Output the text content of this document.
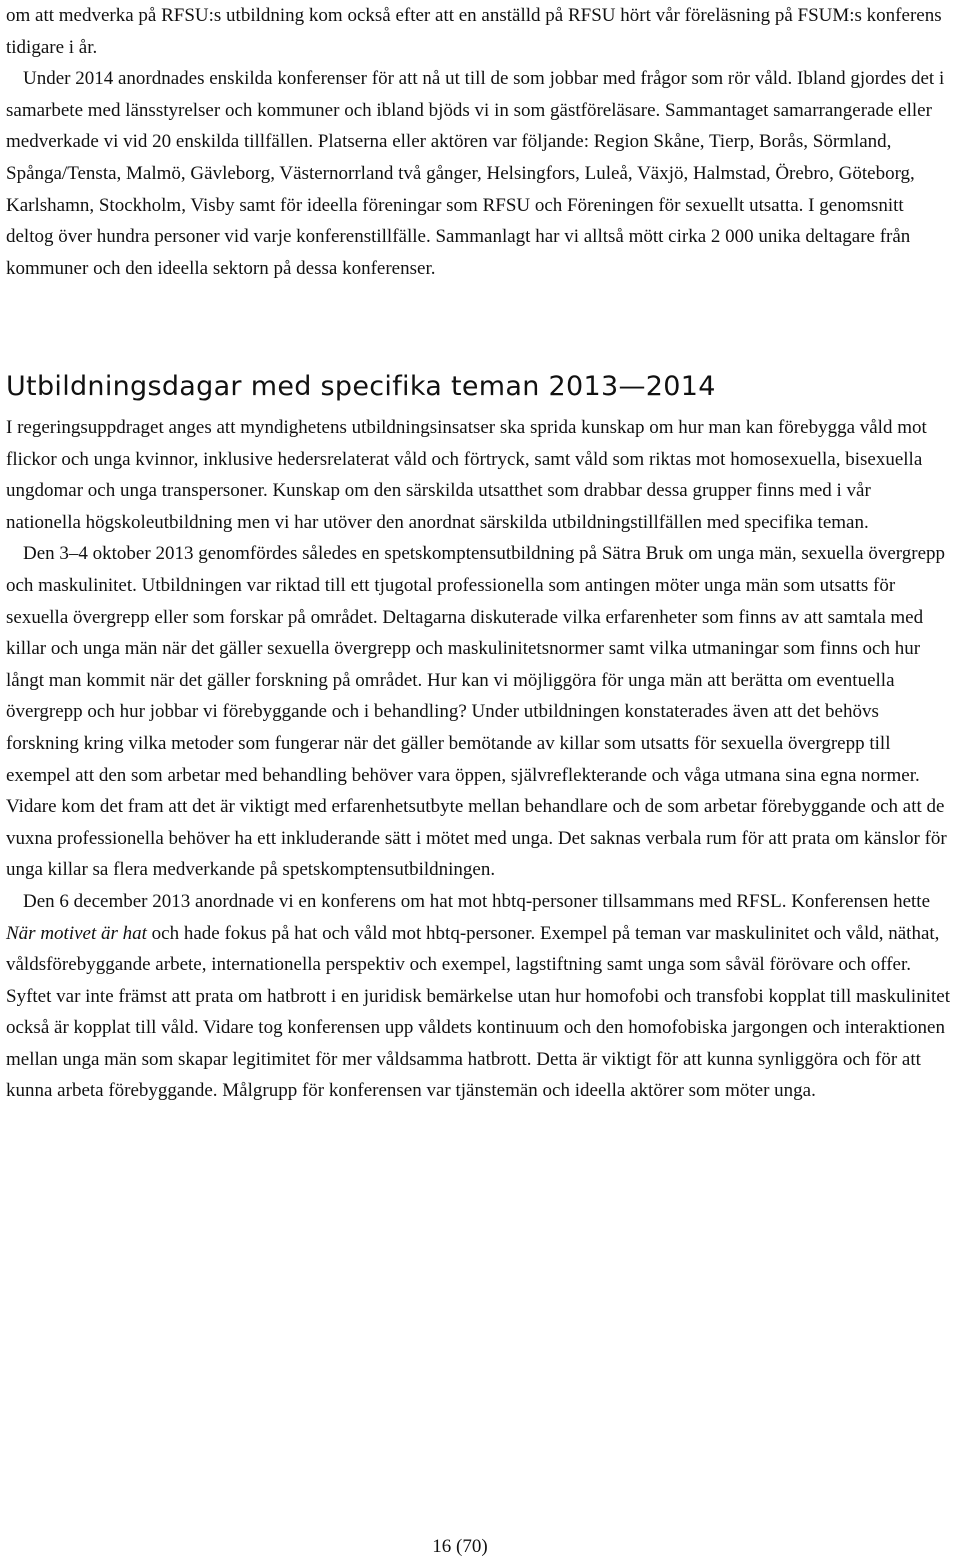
om att medverka på RFSU:s utbildning kom också efter att en anställd på RFSU hört vår föreläsning på FSUM:s konferens tidigare i år.

Under 2014 anordnades enskilda konferenser för att nå ut till de som jobbar med frågor som rör våld. Ibland gjordes det i samarbete med länsstyrelser och kommuner och ibland bjöds vi in som gästföreläsare. Sammantaget samarrangerade eller medverkade vi vid 20 enskilda tillfällen. Platserna eller aktören var följande: Region Skåne, Tierp, Borås, Sörmland, Spånga/Tensta, Malmö, Gävleborg, Västernorrland två gånger, Helsingfors, Luleå, Växjö, Halmstad, Örebro, Göteborg, Karlshamn, Stockholm, Visby samt för ideella föreningar som RFSU och Föreningen för sexuellt utsatta. I genomsnitt deltog över hundra personer vid varje konferenstillfälle. Sammanlagt har vi alltså mött cirka 2 000 unika deltagare från kommuner och den ideella sektorn på dessa konferenser.

Utbildningsdagar med specifika teman 2013—2014

I regeringsuppdraget anges att myndighetens utbildningsinsatser ska sprida kunskap om hur man kan förebygga våld mot flickor och unga kvinnor, inklusive hedersrelaterat våld och förtryck, samt våld som riktas mot homosexuella, bisexuella ungdomar och unga transpersoner. Kunskap om den särskilda utsatthet som drabbar dessa grupper finns med i vår nationella högskoleutbildning men vi har utöver den anordnat särskilda utbildningstillfällen med specifika teman.

Den 3–4 oktober 2013 genomfördes således en spetskomptensutbildning på Sätra Bruk om unga män, sexuella övergrepp och maskulinitet. Utbildningen var riktad till ett tjugotal professionella som antingen möter unga män som utsatts för sexuella övergrepp eller som forskar på området. Deltagarna diskuterade vilka erfarenheter som finns av att samtala med killar och unga män när det gäller sexuella övergrepp och maskulinitetsnormer samt vilka utmaningar som finns och hur långt man kommit när det gäller forskning på området. Hur kan vi möjliggöra för unga män att berätta om eventuella övergrepp och hur jobbar vi förebyggande och i behandling? Under utbildningen konstaterades även att det behövs forskning kring vilka metoder som fungerar när det gäller bemötande av killar som utsatts för sexuella övergrepp till exempel att den som arbetar med behandling behöver vara öppen, självreflekterande och våga utmana sina egna normer. Vidare kom det fram att det är viktigt med erfarenhetsutbyte mellan behandlare och de som arbetar förebyggande och att de vuxna professionella behöver ha ett inkluderande sätt i mötet med unga. Det saknas verbala rum för att prata om känslor för unga killar sa flera medverkande på spetskomptensutbildningen.

Den 6 december 2013 anordnade vi en konferens om hat mot hbtq-personer tillsammans med RFSL. Konferensen hette När motivet är hat och hade fokus på hat och våld mot hbtq-personer. Exempel på teman var maskulinitet och våld, näthat, våldsförebyggande arbete, internationella perspektiv och exempel, lagstiftning samt unga som såväl förövare och offer. Syftet var inte främst att prata om hatbrott i en juridisk bemärkelse utan hur homofobi och transfobi kopplat till maskulinitet också är kopplat till våld. Vidare tog konferensen upp våldets kontinuum och den homofobiska jargongen och interaktionen mellan unga män som skapar legitimitet för mer våldsamma hatbrott. Detta är viktigt för att kunna synliggöra och för att kunna arbeta förebyggande. Målgrupp för konferensen var tjänstemän och ideella aktörer som möter unga.

16 (70)
